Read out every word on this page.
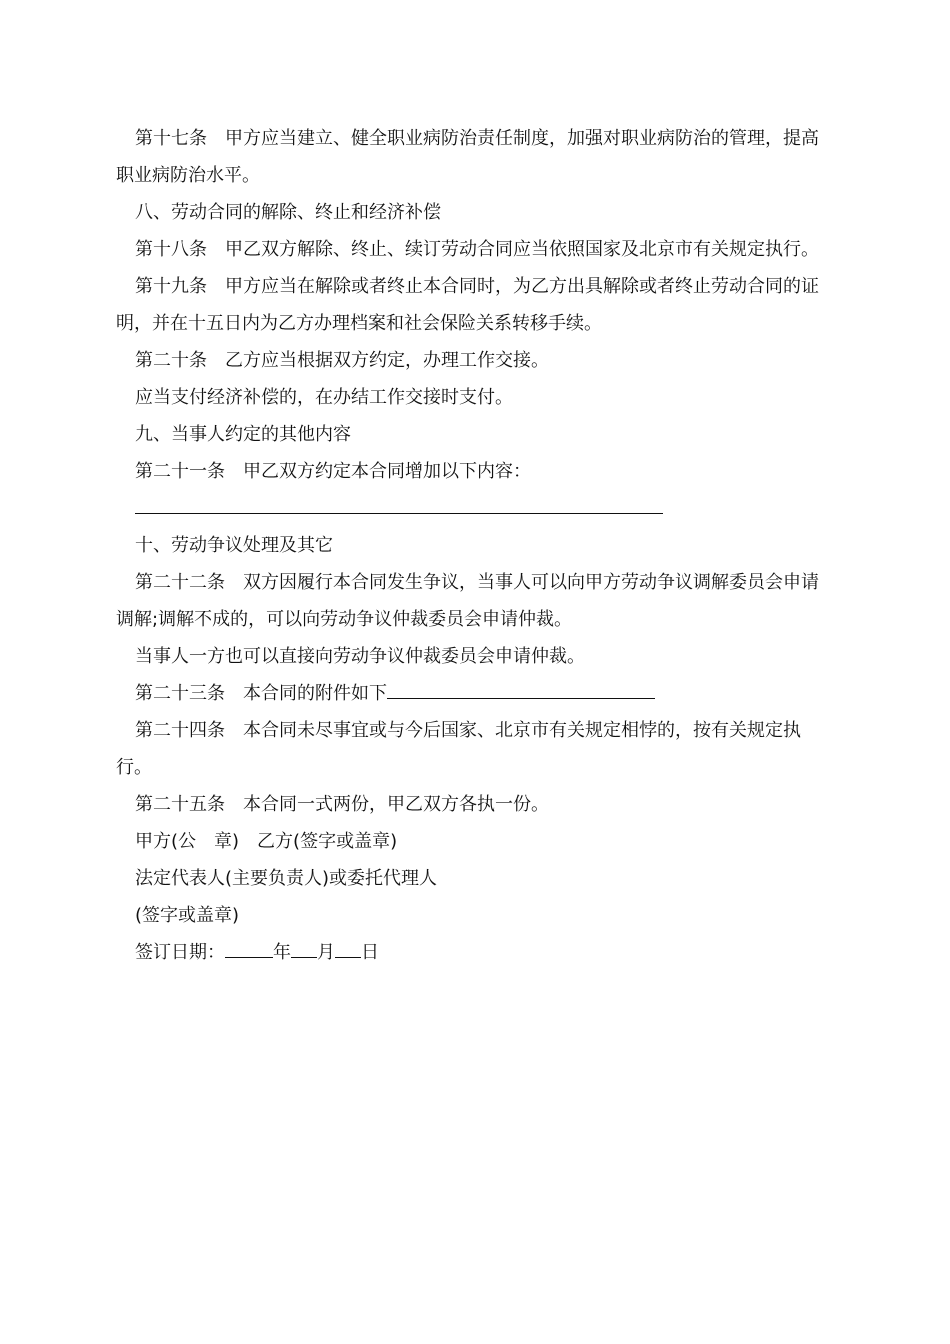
第十七条　甲方应当建立、健全职业病防治责任制度，加强对职业病防治的管理，提高职业病防治水平。

八、劳动合同的解除、终止和经济补偿

第十八条　甲乙双方解除、终止、续订劳动合同应当依照国家及北京市有关规定执行。

第十九条　甲方应当在解除或者终止本合同时，为乙方出具解除或者终止劳动合同的证明，并在十五日内为乙方办理档案和社会保险关系转移手续。

第二十条　乙方应当根据双方约定，办理工作交接。

应当支付经济补偿的，在办结工作交接时支付。

九、当事人约定的其他内容

第二十一条　甲乙双方约定本合同增加以下内容：

十、劳动争议处理及其它

第二十二条　双方因履行本合同发生争议，当事人可以向甲方劳动争议调解委员会申请调解;调解不成的，可以向劳动争议仲裁委员会申请仲裁。

当事人一方也可以直接向劳动争议仲裁委员会申请仲裁。

第二十三条　本合同的附件如下

第二十四条　本合同未尽事宜或与今后国家、北京市有关规定相悖的，按有关规定执行。

第二十五条　本合同一式两份，甲乙双方各执一份。

甲方(公　章)　乙方(签字或盖章)

法定代表人(主要负责人)或委托代理人

(签字或盖章)

签订日期：	年 月 日
